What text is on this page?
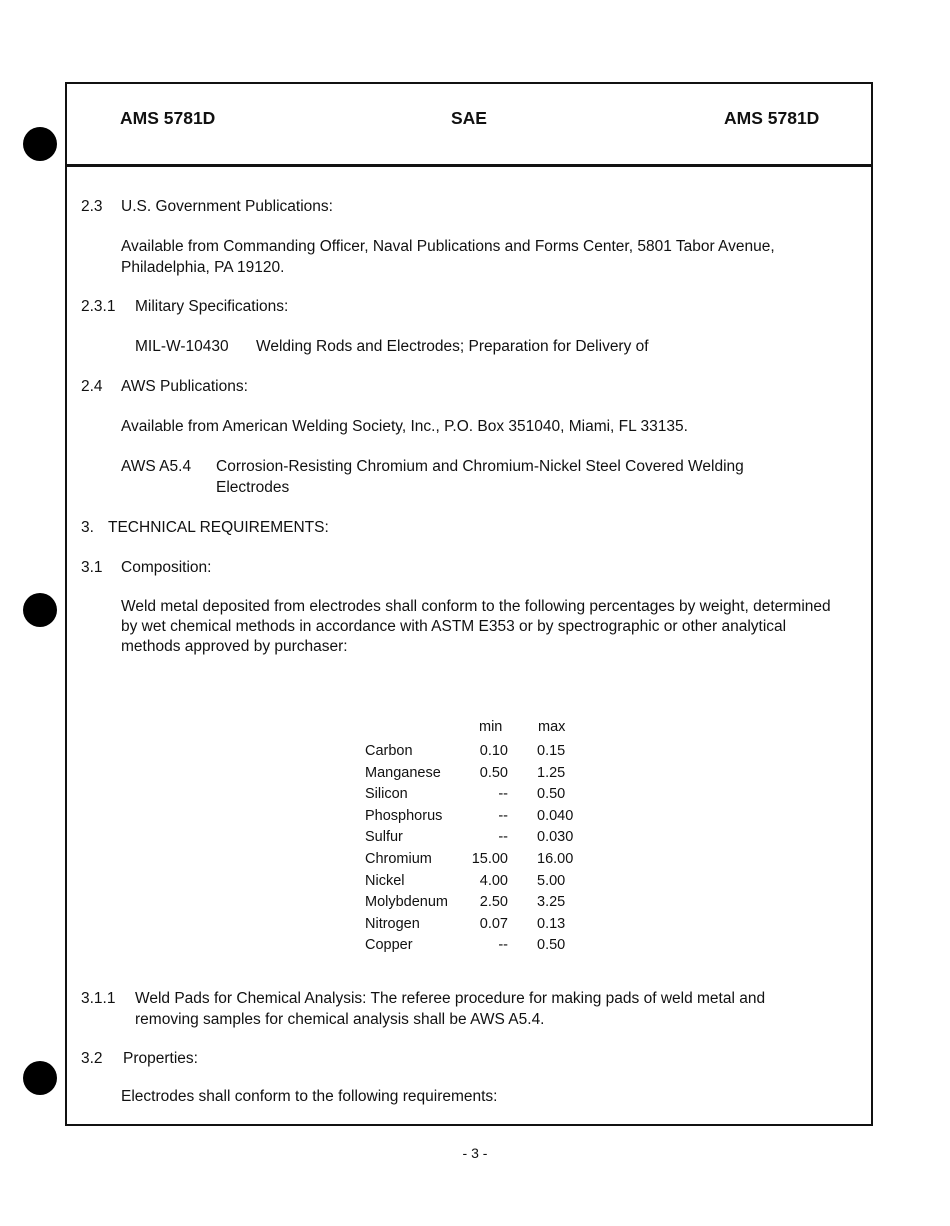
AMS 5781D	SAE	AMS 5781D
2.3 U.S. Government Publications:
Available from Commanding Officer, Naval Publications and Forms Center, 5801 Tabor Avenue, Philadelphia, PA 19120.
2.3.1 Military Specifications:
MIL-W-10430 Welding Rods and Electrodes; Preparation for Delivery of
2.4 AWS Publications:
Available from American Welding Society, Inc., P.O. Box 351040, Miami, FL 33135.
AWS A5.4 Corrosion-Resisting Chromium and Chromium-Nickel Steel Covered Welding Electrodes
3. TECHNICAL REQUIREMENTS:
3.1 Composition:
Weld metal deposited from electrodes shall conform to the following percentages by weight, determined by wet chemical methods in accordance with ASTM E353 or by spectrographic or other analytical methods approved by purchaser:
min max
Carbon	0.10 0.15
Manganese	0.50 1.25
Silicon	-- 0.50
Phosphorus	-- 0.040
Sulfur	-- 0.030
Chromium	15.00 16.00
Nickel	4.00 5.00
Molybdenum	2.50 3.25
Nitrogen	0.07 0.13
Copper	-- 0.50
3.1.1 Weld Pads for Chemical Analysis: The referee procedure for making pads of weld metal and removing samples for chemical analysis shall be AWS A5.4.
3.2 Properties:
Electrodes shall conform to the following requirements:
- 3 -
